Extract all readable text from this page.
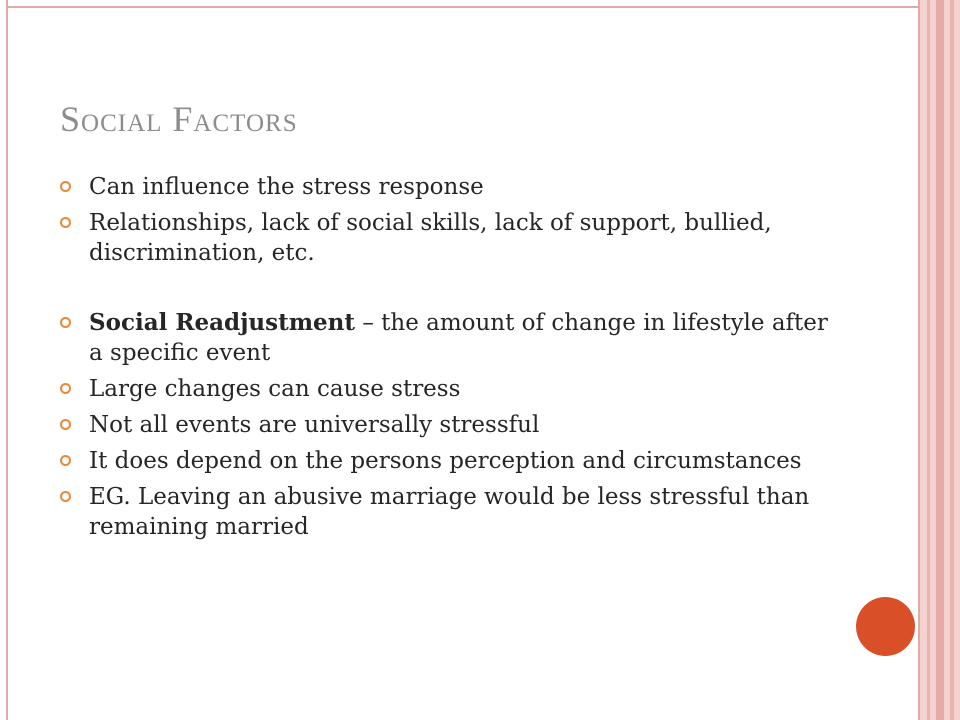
Social Factors
Can influence the stress response
Relationships, lack of social skills, lack of support, bullied, discrimination, etc.
Social Readjustment – the amount of change in lifestyle after a specific event
Large changes can cause stress
Not all events are universally stressful
It does depend on the persons perception and circumstances
EG. Leaving an abusive marriage would be less stressful than remaining married
